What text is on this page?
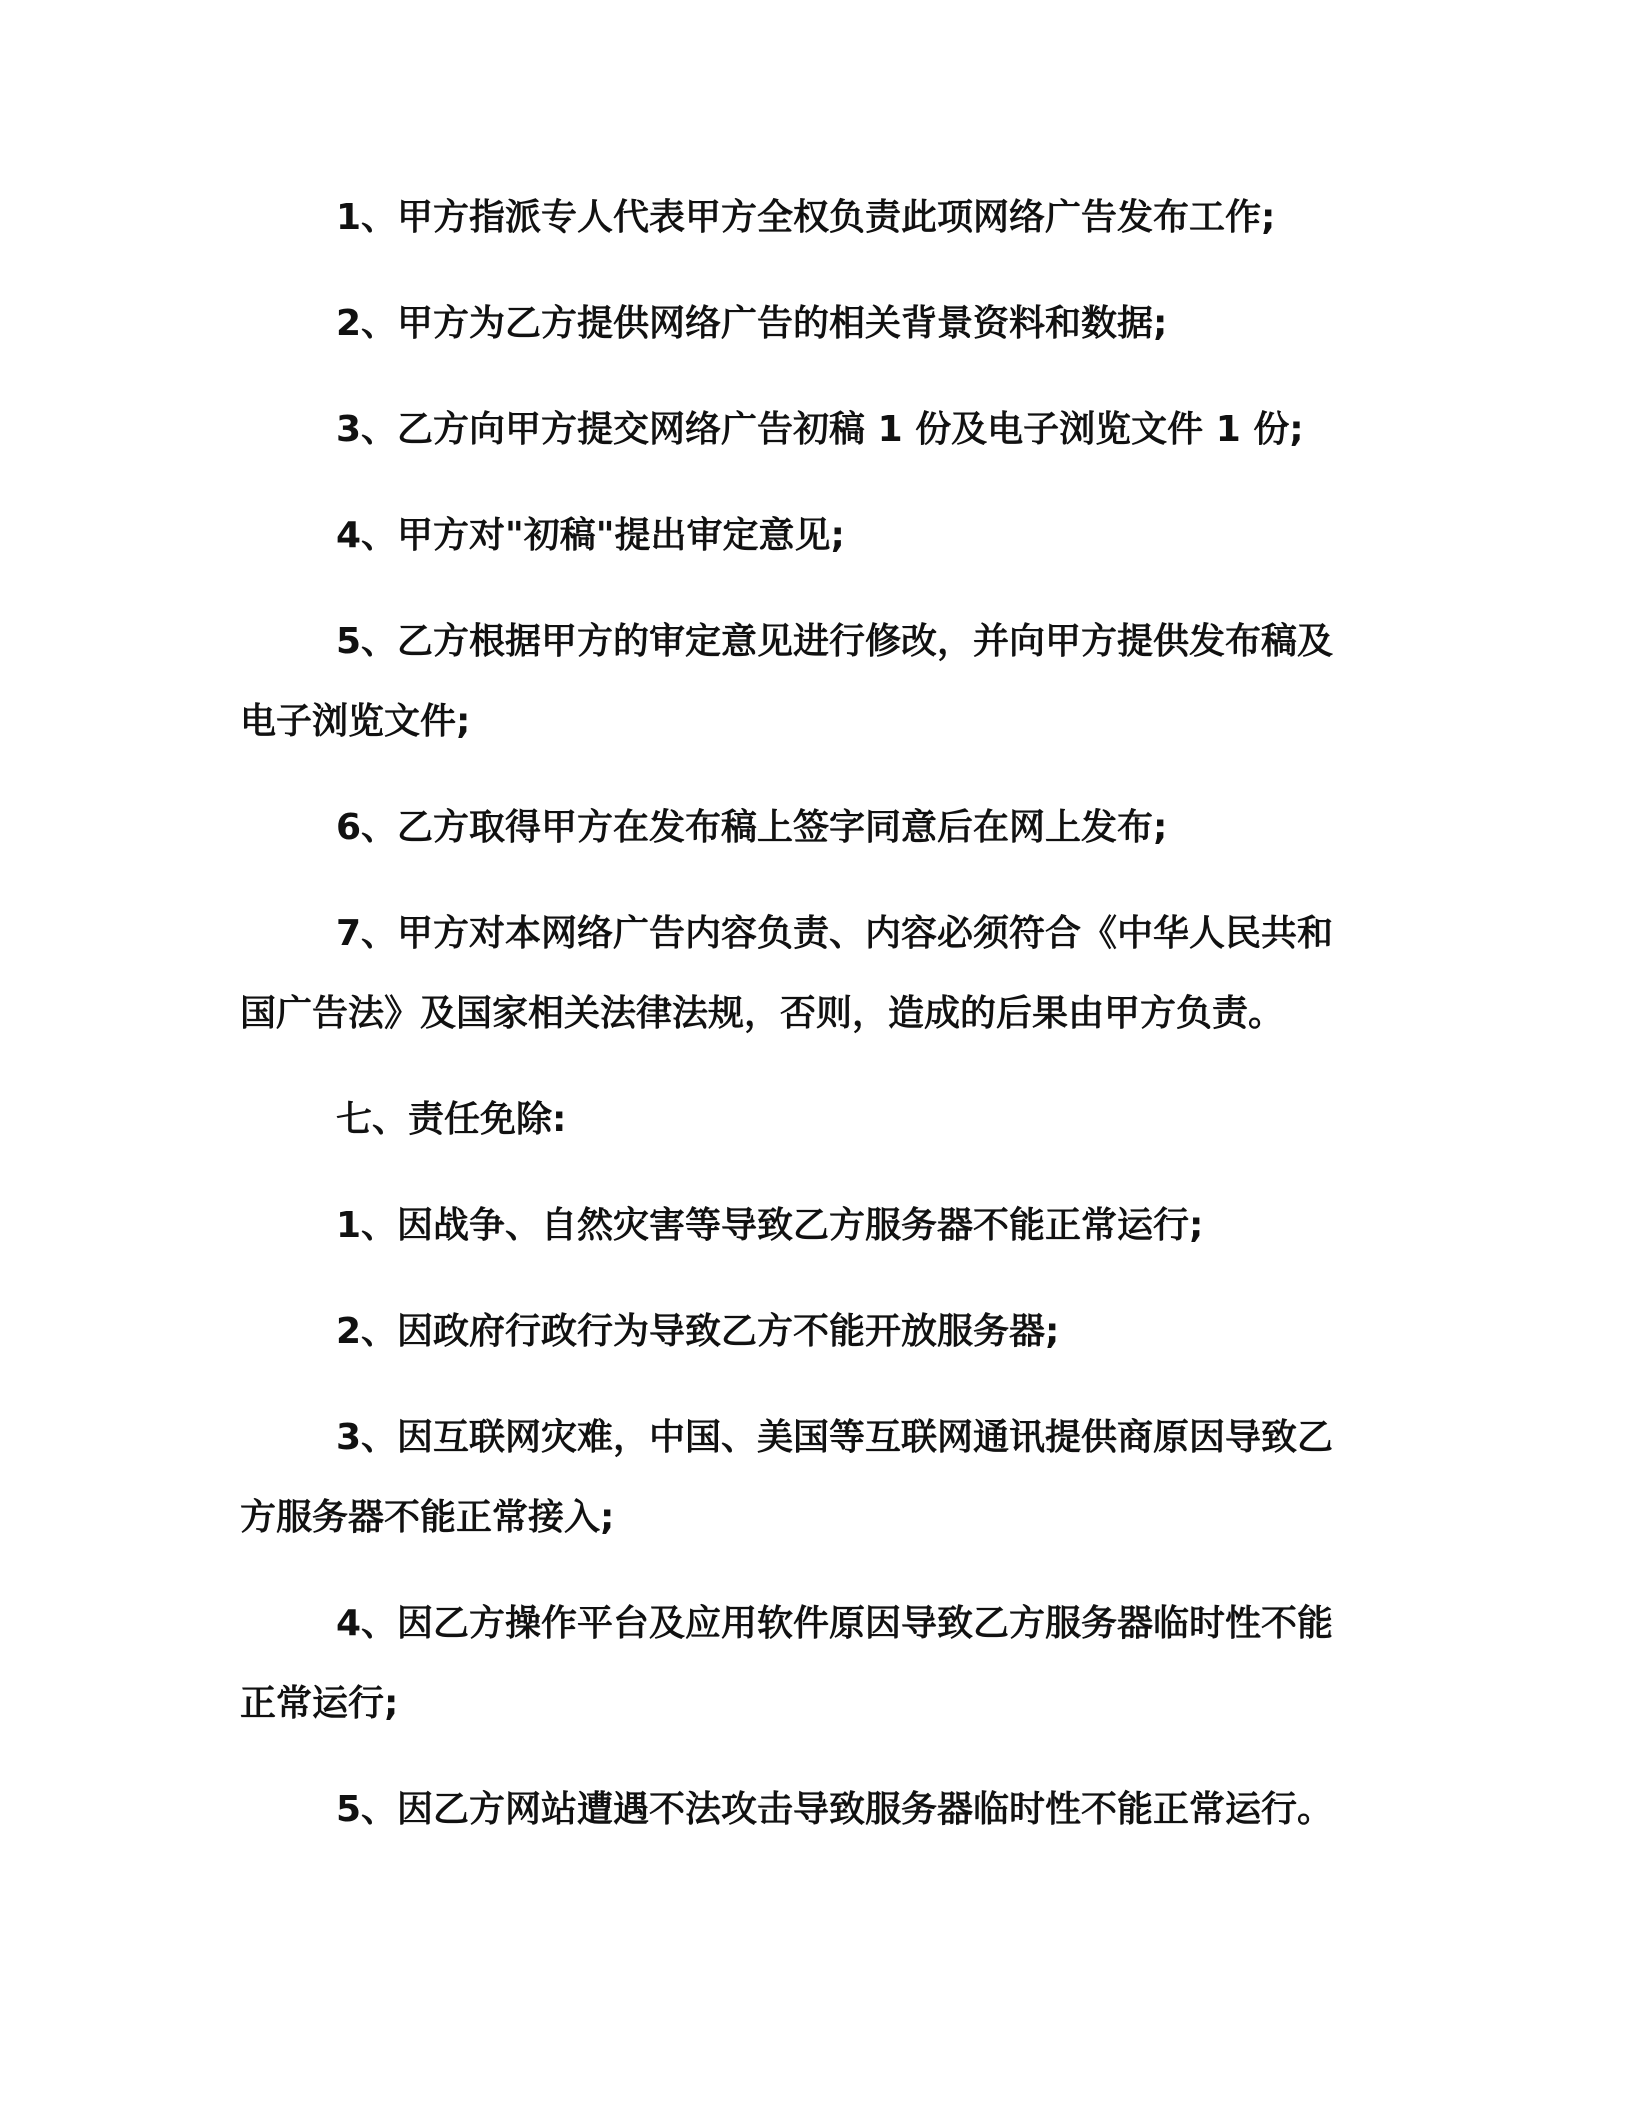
1、甲方指派专人代表甲方全权负责此项网络广告发布工作;

2、甲方为乙方提供网络广告的相关背景资料和数据;

3、乙方向甲方提交网络广告初稿 1 份及电子浏览文件 1 份;

4、甲方对"初稿"提出审定意见;

5、乙方根据甲方的审定意见进行修改，并向甲方提供发布稿及电子浏览文件;

6、乙方取得甲方在发布稿上签字同意后在网上发布;

7、甲方对本网络广告内容负责、内容必须符合《中华人民共和国广告法》及国家相关法律法规，否则，造成的后果由甲方负责。

七、责任免除:

1、因战争、自然灾害等导致乙方服务器不能正常运行;

2、因政府行政行为导致乙方不能开放服务器;

3、因互联网灾难，中国、美国等互联网通讯提供商原因导致乙方服务器不能正常接入;

4、因乙方操作平台及应用软件原因导致乙方服务器临时性不能正常运行;

5、因乙方网站遭遇不法攻击导致服务器临时性不能正常运行。
